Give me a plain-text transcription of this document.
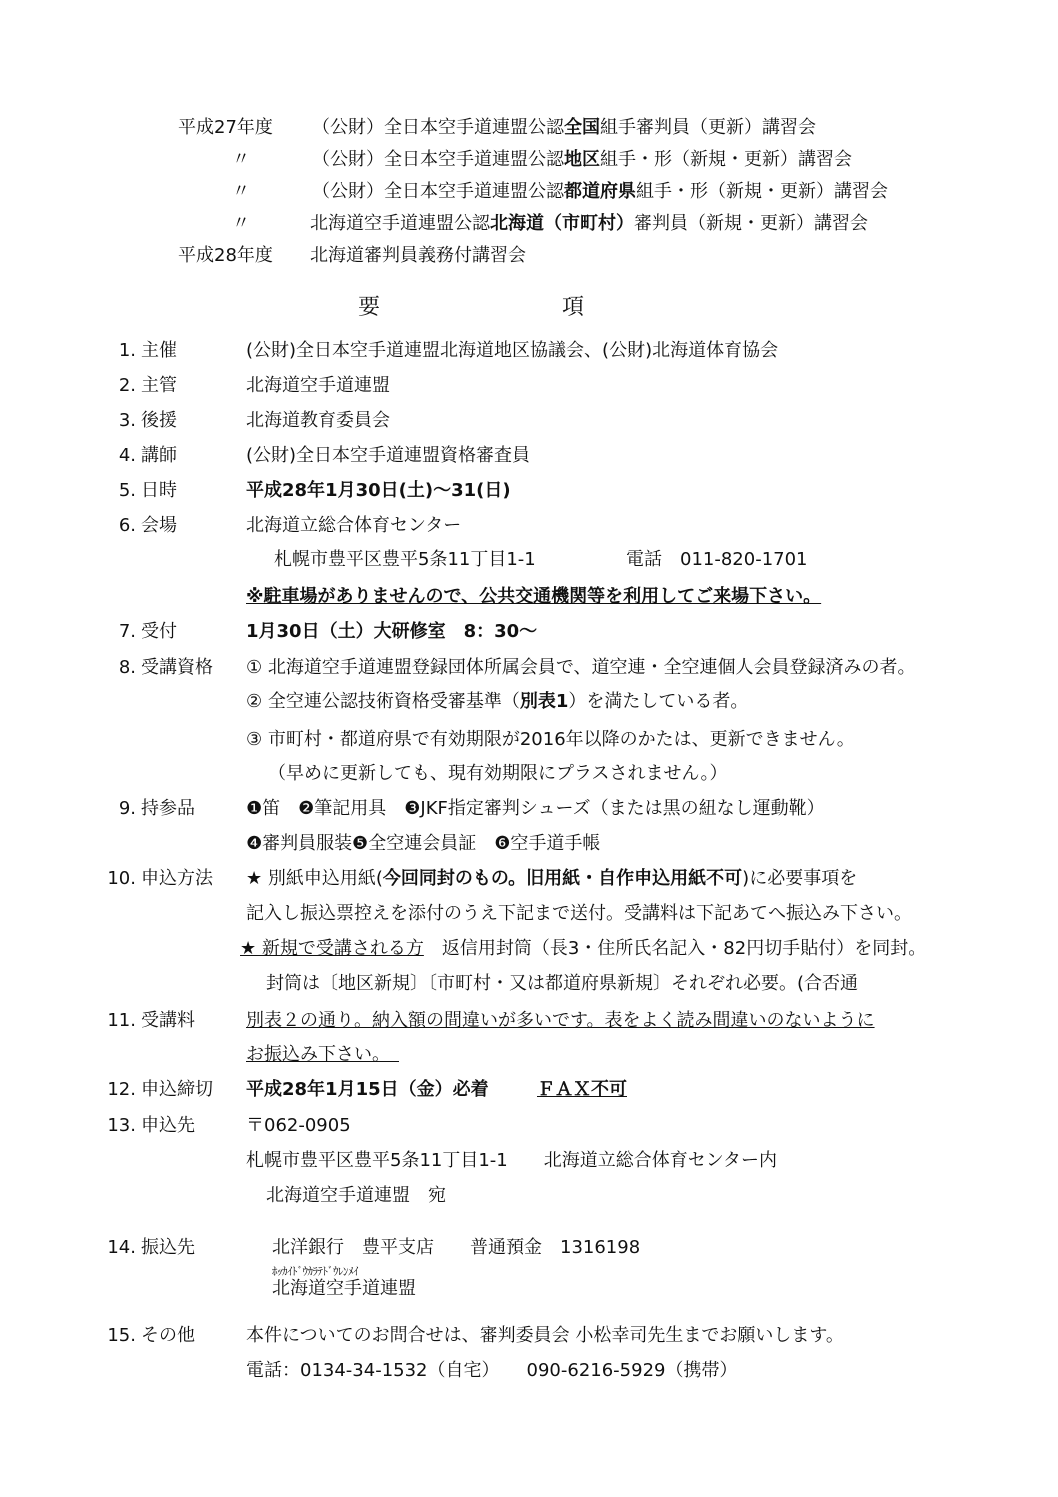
平成27年度 （公財）全日本空手道連盟公認全国組手審判員（更新）講習会
〃	（公財）全日本空手道連盟公認地区組手・形（新規・更新）講習会
〃	（公財）全日本空手道連盟公認都道府県組手・形（新規・更新）講習会
〃	北海道空手道連盟公認北海道（市町村）審判員（新規・更新）講習会
平成28年度 北海道審判員義務付講習会
要	項
1. 主催	(公財)全日本空手道連盟北海道地区協議会、(公財)北海道体育協会
2. 主管	北海道空手道連盟
3. 後援	北海道教育委員会
4. 講師	(公財)全日本空手道連盟資格審査員
5. 日時	平成28年1月30日(土)～31(日)
6. 会場	北海道立総合体育センター
札幌市豊平区豊平5条11丁目1-1	電話　011-820-1701
※駐車場がありませんので、公共交通機関等を利用してご来場下さい。
7. 受付	1月30日（土）大研修室　8：30～
8. 受講資格	① 北海道空手道連盟登録団体所属会員で、道空連・全空連個人会員登録済みの者。
② 全空連公認技術資格受審基準（別表1）を満たしている者。
③ 市町村・都道府県で有効期限が2016年以降のかたは、更新できません。
（早めに更新しても、現有効期限にプラスされません。）
9. 持参品	❶笛　❷筆記用具　❸JKF指定審判シューズ（または黒の紐なし運動靴）
❹審判員服装❺全空連会員証　❻空手道手帳
10. 申込方法	★ 別紙申込用紙(今回同封のもの。旧用紙・自作申込用紙不可)に必要事項を
記入し振込票控えを添付のうえ下記まで送付。受講料は下記あてへ振込み下さい。
★ 新規で受講される方　返信用封筒（長3・住所氏名記入・82円切手貼付）を同封。
封筒は〔地区新規〕〔市町村・又は都道府県新規〕それぞれ必要。(合否通
11. 受講料	別表２の通り。納入額の間違いが多いです。表をよく読み間違いのないように
お振込み下さい。　
12. 申込締切	平成28年1月15日（金）必着	ＦＡＸ不可
13. 申込先	〒062-0905
札幌市豊平区豊平5条11丁目1-1　　北海道立総合体育センター内
北海道空手道連盟　宛
14. 振込先	北洋銀行　豊平支店　　普通預金　1316198
ﾎｯｶｲﾄﾞｳｶﾗﾃﾄﾞｳﾚﾝﾒｲ
北海道空手道連盟
15. その他	本件についてのお問合せは、審判委員会 小松幸司先生までお願いします。
電話：0134-34-1532（自宅）　　090-6216-5929（携帯）
